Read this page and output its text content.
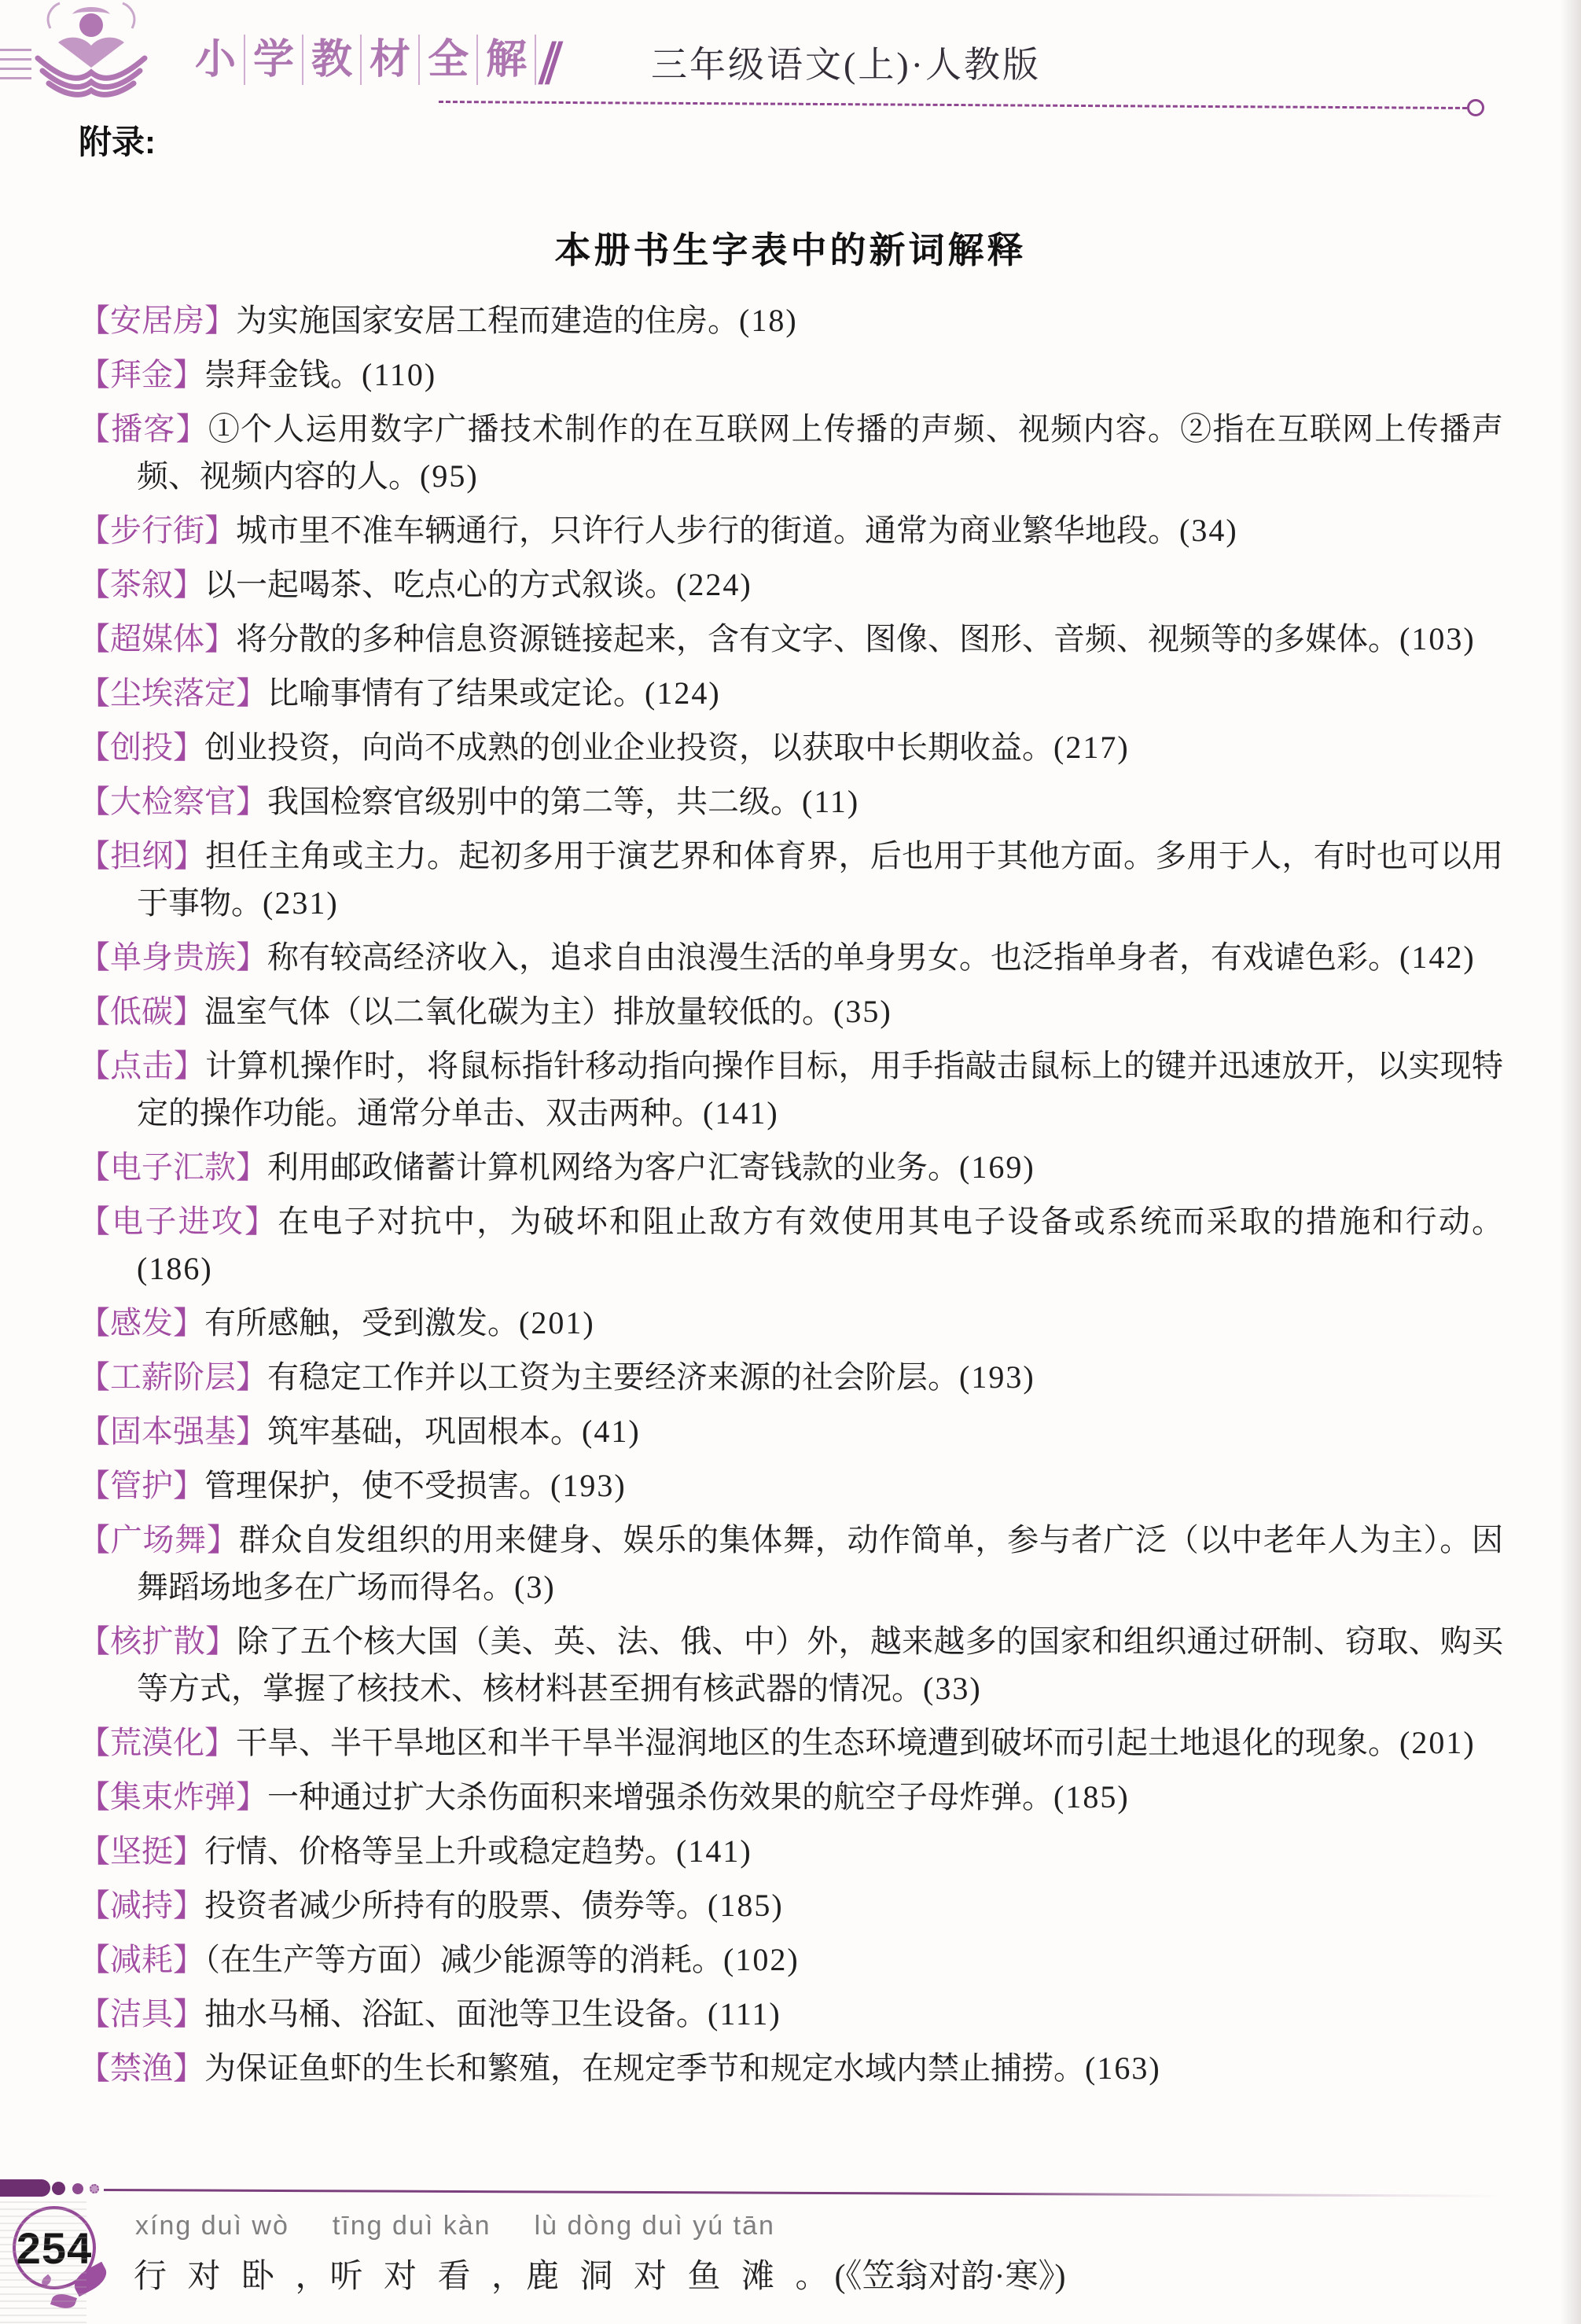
小 学 教 材 全 解 ∥ 三年级语文(上)·人教版
附录:
本册书生字表中的新词解释

【安居房】为实施国家安居工程而建造的住房。(18)

【拜金】崇拜金钱。(110)

【播客】①个人运用数字广播技术制作的在互联网上传播的声频、视频内容。②指在互联网上传播声频、视频内容的人。(95)

【步行街】城市里不准车辆通行，只许行人步行的街道。通常为商业繁华地段。(34)

【茶叙】以一起喝茶、吃点心的方式叙谈。(224)

【超媒体】将分散的多种信息资源链接起来，含有文字、图像、图形、音频、视频等的多媒体。(103)

【尘埃落定】比喻事情有了结果或定论。(124)

【创投】创业投资，向尚不成熟的创业企业投资，以获取中长期收益。(217)

【大检察官】我国检察官级别中的第二等，共二级。(11)

【担纲】担任主角或主力。起初多用于演艺界和体育界，后也用于其他方面。多用于人，有时也可以用于事物。(231)

【单身贵族】称有较高经济收入，追求自由浪漫生活的单身男女。也泛指单身者，有戏谑色彩。(142)

【低碳】温室气体（以二氧化碳为主）排放量较低的。(35)

【点击】计算机操作时，将鼠标指针移动指向操作目标，用手指敲击鼠标上的键并迅速放开，以实现特定的操作功能。通常分单击、双击两种。(141)

【电子汇款】利用邮政储蓄计算机网络为客户汇寄钱款的业务。(169)

【电子进攻】在电子对抗中，为破坏和阻止敌方有效使用其电子设备或系统而采取的措施和行动。(186)

【感发】有所感触，受到激发。(201)

【工薪阶层】有稳定工作并以工资为主要经济来源的社会阶层。(193)

【固本强基】筑牢基础，巩固根本。(41)

【管护】管理保护，使不受损害。(193)

【广场舞】群众自发组织的用来健身、娱乐的集体舞，动作简单，参与者广泛（以中老年人为主）。因舞蹈场地多在广场而得名。(3)

【核扩散】除了五个核大国（美、英、法、俄、中）外，越来越多的国家和组织通过研制、窃取、购买等方式，掌握了核技术、核材料甚至拥有核武器的情况。(33)

【荒漠化】干旱、半干旱地区和半干旱半湿润地区的生态环境遭到破坏而引起土地退化的现象。(201)

【集束炸弹】一种通过扩大杀伤面积来增强杀伤效果的航空子母炸弹。(185)

【坚挺】行情、价格等呈上升或稳定趋势。(141)

【减持】投资者减少所持有的股票、债券等。(185)

【减耗】（在生产等方面）减少能源等的消耗。(102)

【洁具】抽水马桶、浴缸、面池等卫生设备。(111)

【禁渔】为保证鱼虾的生长和繁殖，在规定季节和规定水域内禁止捕捞。(163)

254 xíng duì wò  tīng duì kàn  lù dòng duì yú tān
行 对 卧 ，听 对 看 ，鹿 洞 对 鱼 滩 。 (《笠翁对韵·寒》)
